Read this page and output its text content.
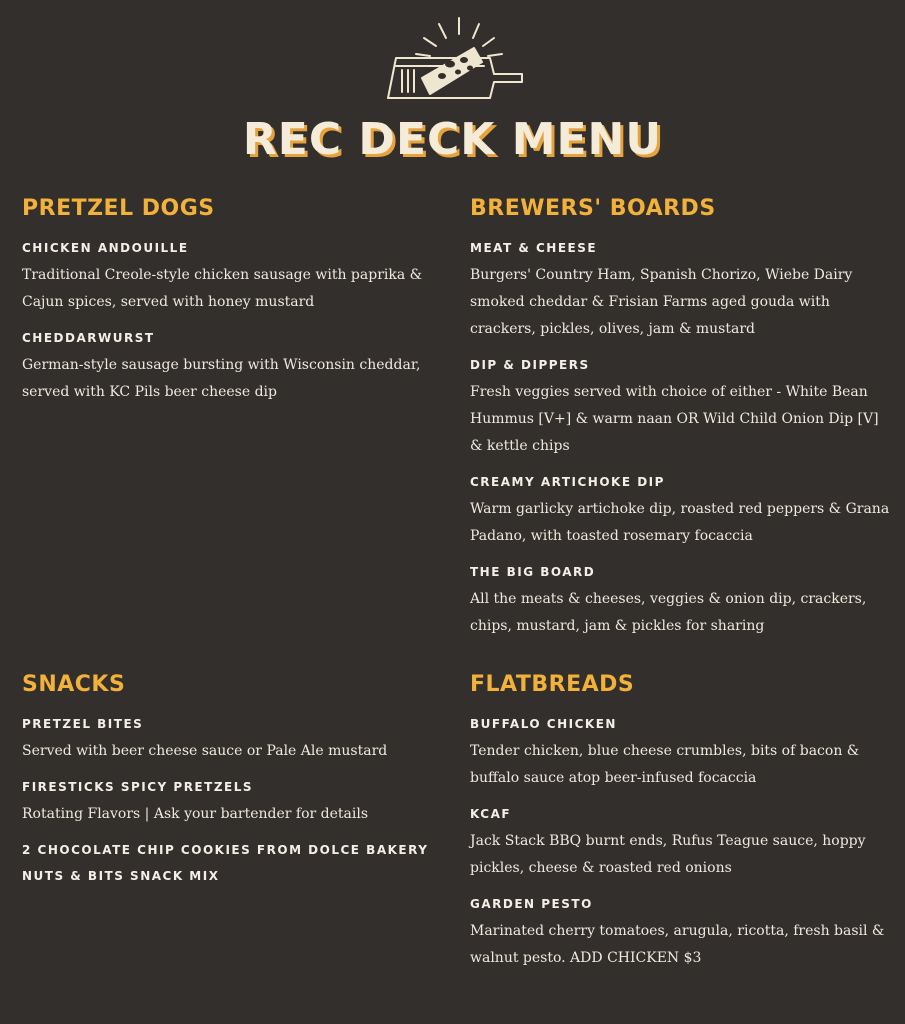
REC DECK MENU
PRETZEL DOGS
CHICKEN ANDOUILLE

Traditional Creole-style chicken sausage with paprika & Cajun spices, served with honey mustard

CHEDDARWURST

German-style sausage bursting with Wisconsin cheddar, served with KC Pils beer cheese dip

BREWERS' BOARDS
MEAT & CHEESE

Burgers' Country Ham, Spanish Chorizo, Wiebe Dairy smoked cheddar & Frisian Farms aged gouda with crackers, pickles, olives, jam & mustard

DIP & DIPPERS

Fresh veggies served with choice of either - White Bean Hummus [V+] & warm naan OR Wild Child Onion Dip [V] & kettle chips

CREAMY ARTICHOKE DIP

Warm garlicky artichoke dip, roasted red peppers & Grana Padano, with toasted rosemary focaccia

THE BIG BOARD

All the meats & cheeses, veggies & onion dip, crackers, chips, mustard, jam & pickles for sharing

SNACKS
PRETZEL BITES

Served with beer cheese sauce or Pale Ale mustard

FIRESTICKS SPICY PRETZELS

Rotating Flavors | Ask your bartender for details

2 CHOCOLATE CHIP COOKIES FROM DOLCE BAKERY
NUTS & BITS SNACK MIX
FLATBREADS
BUFFALO CHICKEN

Tender chicken, blue cheese crumbles, bits of bacon & buffalo sauce atop beer-infused focaccia

KCAF

Jack Stack BBQ burnt ends, Rufus Teague sauce, hoppy pickles, cheese & roasted red onions

GARDEN PESTO

Marinated cherry tomatoes, arugula, ricotta, fresh basil & walnut pesto. ADD CHICKEN $3
